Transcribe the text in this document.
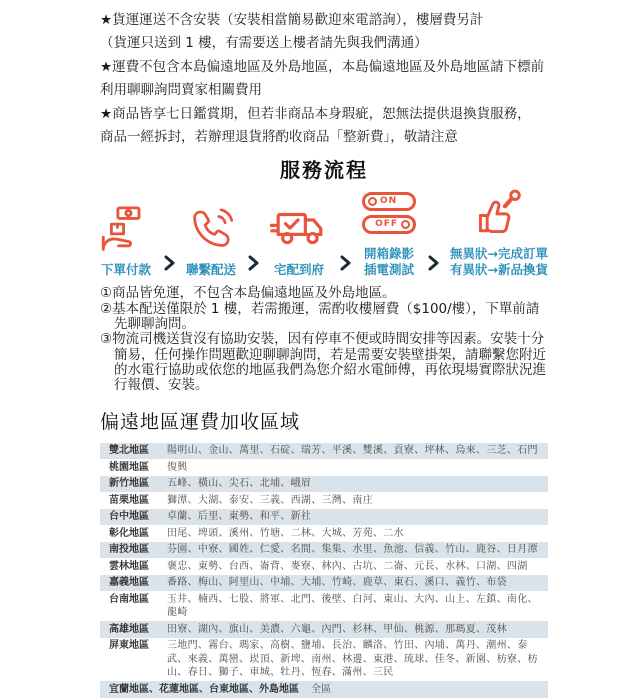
★貨運運送不含安裝（安裝相當簡易歡迎來電諮詢），樓層費另計

（貨運只送到 1 樓，有需要送上樓者請先與我們溝通）

★運費不包含本島偏遠地區及外島地區，本島偏遠地區及外島地區請下標前

利用聊聊詢問賣家相關費用

★商品皆享七日鑑賞期，但若非商品本身瑕疵，恕無法提供退換貨服務，

商品一經拆封，若辦理退貨將酌收商品「整新費」，敬請注意

服務流程
下單付款	聯繫配送	宅配到府
ON
OFF
開箱錄影
插電測試
無異狀→完成訂單
有異狀→新品換貨

①商品皆免運，不包含本島偏遠地區及外島地區。

②基本配送僅限於 1 樓，若需搬運，需酌收樓層費（$100/樓），下單前請先聊聊詢問。

③物流司機送貨沒有協助安裝，因有停車不便或時間安排等因素。安裝十分簡易，任何操作問題歡迎聊聊詢問，若是需要安裝壁掛架，請聯繫您附近的水電行協助或依您的地區我們為您介紹水電師傅，再依現場實際狀況進行報價、安裝。

偏遠地區運費加收區域
雙北地區	陽明山、金山、萬里、石碇、瑞芳、平溪、雙溪、貢寮、坪林、烏來、三芝、石門
桃園地區	復興
新竹地區	五峰、橫山、尖石、北埔、峨眉
苗栗地區	獅潭、大湖、泰安、三義、西湖、三灣、南庄
台中地區	卓蘭、后里、東勢、和平、新社
彰化地區	田尾、埤頭、溪州、竹塘、二林、大城、芳苑、二水
南投地區	芬園、中寮、國姓、仁愛、名間、集集、水里、魚池、信義、竹山、鹿谷、日月潭
雲林地區	褒忠、東勢、台西、崙背、麥寮、林內、古坑、二崙、元長、水林、口湖、四湖
嘉義地區	番路、梅山、阿里山、中埔、大埔、竹崎、鹿草、東石、溪口、義竹、布袋
台南地區	玉井、楠西、七股、將軍、北門、後壁、白河、東山、大內、山上、左鎮、南化、龍崎
高雄地區	田寮、湖內、旗山、美濃、六龜、內門、杉林、甲仙、桃源、那瑪夏、茂林
屏東地區	三地門、霧台、瑪家、高樹、鹽埔、長治、麟洛、竹田、內埔、萬丹、潮州、泰武、來義、萬巒、崁頂、新埤、南州、林邊、東港、琉球、佳冬、新園、枋寮、枋山、春日、獅子、車城、牡丹、恆春、滿州、三民
宜蘭地區、花蓮地區、台東地區、外島地區 全區
